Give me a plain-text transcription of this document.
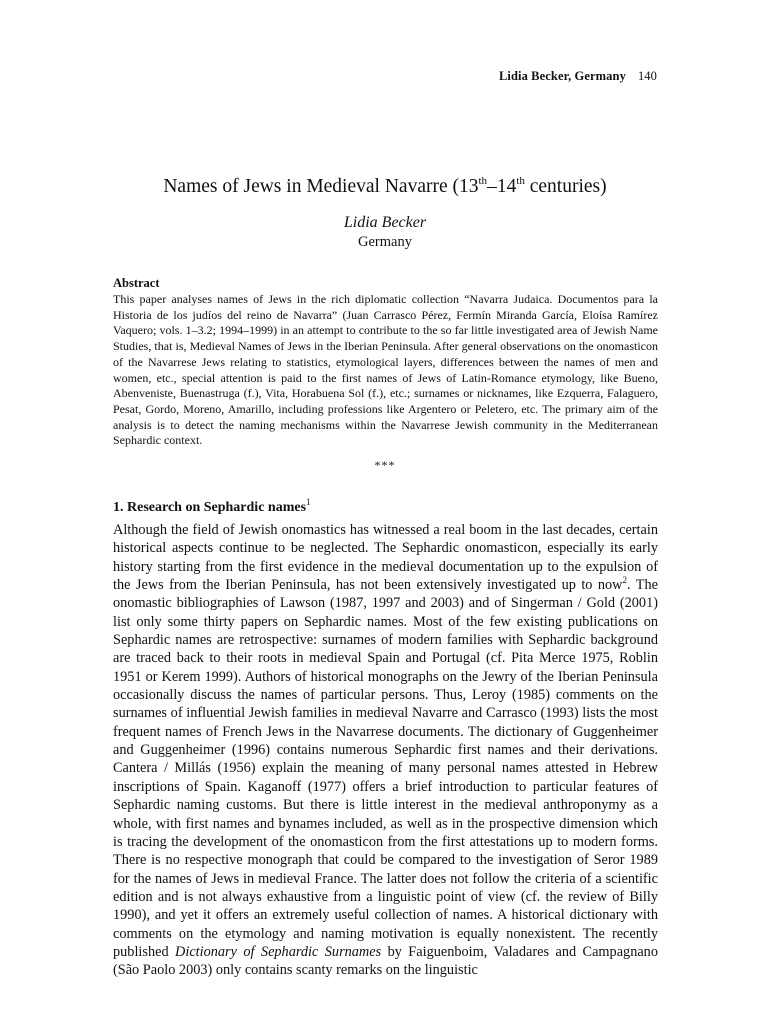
Lidia Becker, Germany 140
Names of Jews in Medieval Navarre (13th–14th centuries)
Lidia Becker
Germany
Abstract

This paper analyses names of Jews in the rich diplomatic collection “Navarra Judaica. Documentos para la Historia de los judíos del reino de Navarra” (Juan Carrasco Pérez, Fermín Miranda García, Eloísa Ramírez Vaquero; vols. 1–3.2; 1994–1999) in an attempt to contribute to the so far little investigated area of Jewish Name Studies, that is, Medieval Names of Jews in the Iberian Peninsula. After general observations on the onomasticon of the Navarrese Jews relating to statistics, etymological layers, differences between the names of men and women, etc., special attention is paid to the first names of Jews of Latin-Romance etymology, like Bueno, Abenveniste, Buenastruga (f.), Vita, Horabuena Sol (f.), etc.; surnames or nicknames, like Ezquerra, Falaguero, Pesat, Gordo, Moreno, Amarillo, including professions like Argentero or Peletero, etc. The primary aim of the analysis is to detect the naming mechanisms within the Navarrese Jewish community in the Mediterranean Sephardic context.

***
1. Research on Sephardic names$^1$

Although the field of Jewish onomastics has witnessed a real boom in the last decades, certain historical aspects continue to be neglected. The Sephardic onomasticon, especially its early history starting from the first evidence in the medieval documentation up to the expulsion of the Jews from the Iberian Peninsula, has not been extensively investigated up to now$^2$. The onomastic bibliographies of Lawson (1987, 1997 and 2003) and of Singerman / Gold (2001) list only some thirty papers on Sephardic names. Most of the few existing publications on Sephardic names are retrospective: surnames of modern families with Sephardic background are traced back to their roots in medieval Spain and Portugal (cf. Pita Merce 1975, Roblin 1951 or Kerem 1999). Authors of historical monographs on the Jewry of the Iberian Peninsula occasionally discuss the names of particular persons. Thus, Leroy (1985) comments on the surnames of influential Jewish families in medieval Navarre and Carrasco (1993) lists the most frequent names of French Jews in the Navarrese documents. The dictionary of Guggenheimer and Guggenheimer (1996) contains numerous Sephardic first names and their derivations. Cantera / Millás (1956) explain the meaning of many personal names attested in Hebrew inscriptions of Spain. Kaganoff (1977) offers a brief introduction to particular features of Sephardic naming customs. But there is little interest in the medieval anthroponymy as a whole, with first names and bynames included, as well as in the prospective dimension which is tracing the development of the onomasticon from the first attestations up to modern forms. There is no respective monograph that could be compared to the investigation of Seror 1989 for the names of Jews in medieval France. The latter does not follow the criteria of a scientific edition and is not always exhaustive from a linguistic point of view (cf. the review of Billy 1990), and yet it offers an extremely useful collection of names. A historical dictionary with comments on the etymology and naming motivation is equally nonexistent. The recently published Dictionary of Sephardic Surnames by Faiguenboim, Valadares and Campagnano (São Paolo 2003) only contains scanty remarks on the linguistic
